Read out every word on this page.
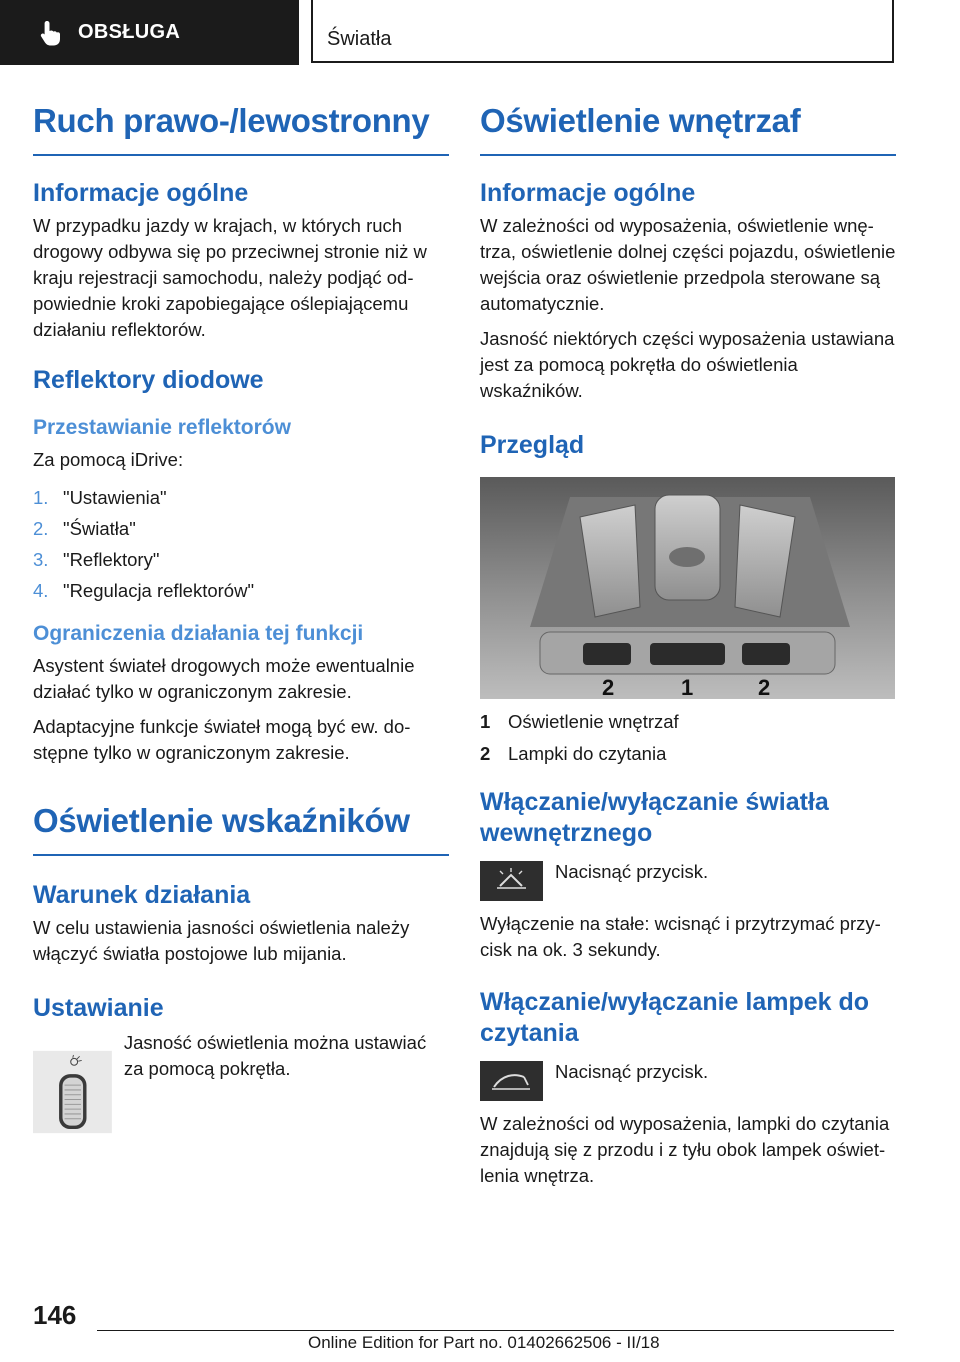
OBSŁUGA	Światła
Ruch prawo-/lewostronny
Informacje ogólne

W przypadku jazdy w krajach, w których ruch drogowy odbywa się po przeciwnej stronie niż w kraju rejestracji samochodu, należy podjąć odpowiednie kroki zapobiegające oślepiającemu działaniu reflektorów.

Reflektory diodowe
Przestawianie reflektorów

Za pomocą iDrive:

1. "Ustawienia"
2. "Światła"
3. "Reflektory"
4. "Regulacja reflektorów"
Ograniczenia działania tej funkcji

Asystent świateł drogowych może ewentualnie działać tylko w ograniczonym zakresie.

Adaptacyjne funkcje świateł mogą być ew. dostępne tylko w ograniczonym zakresie.

Oświetlenie wskaźników
Warunek działania

W celu ustawienia jasności oświetlenia należy włączyć światła postojowe lub mijania.

Ustawianie

Jasność oświetlenia można ustawiać za pomocą pokrętła.

Oświetlenie wnętrzaf
Informacje ogólne

W zależności od wyposażenia, oświetlenie wnętrza, oświetlenie dolnej części pojazdu, oświetlenie wejścia oraz oświetlenie przedpola sterowane są automatycznie.

Jasność niektórych części wyposażenia ustawiana jest za pomocą pokrętła do oświetlenia wskaźników.

Przegląd
2	1	2
1 Oświetlenie wnętrzaf
2 Lampki do czytania
Włączanie/wyłączanie światła wewnętrznego

Nacisnąć przycisk.

Wyłączenie na stałe: wcisnąć i przytrzymać przycisk na ok. 3 sekundy.

Włączanie/wyłączanie lampek do czytania

Nacisnąć przycisk.

W zależności od wyposażenia, lampki do czytania znajdują się z przodu i z tyłu obok lampek oświetlenia wnętrza.

146
Online Edition for Part no. 01402662506 - II/18
